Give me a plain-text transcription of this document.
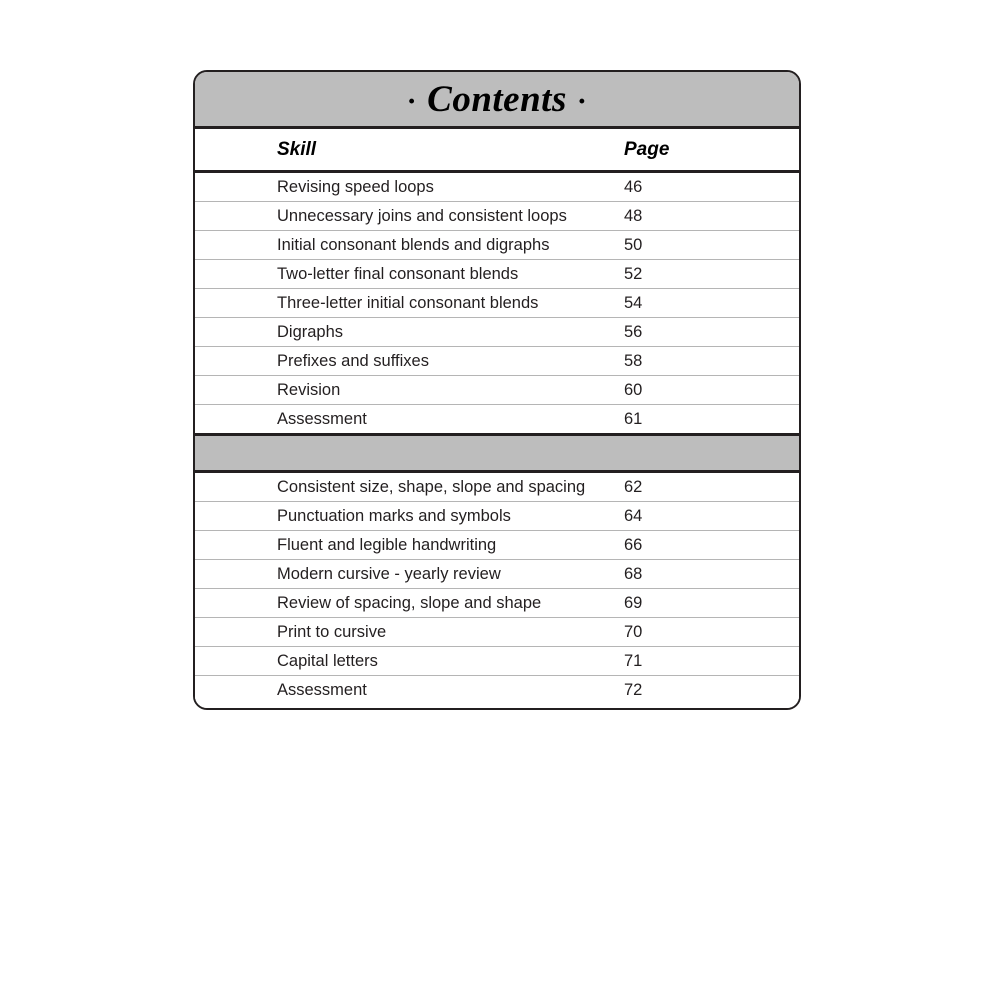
· Contents ·
Skill	Page
Revising speed loops	46
Unnecessary joins and consistent loops	48
Initial consonant blends and digraphs	50
Two-letter final consonant blends	52
Three-letter initial consonant blends	54
Digraphs	56
Prefixes and suffixes	58
Revision	60
Assessment	61
Consistent size, shape, slope and spacing	62
Punctuation marks and symbols	64
Fluent and legible handwriting	66
Modern cursive - yearly review	68
Review of spacing, slope and shape	69
Print to cursive	70
Capital letters	71
Assessment	72
